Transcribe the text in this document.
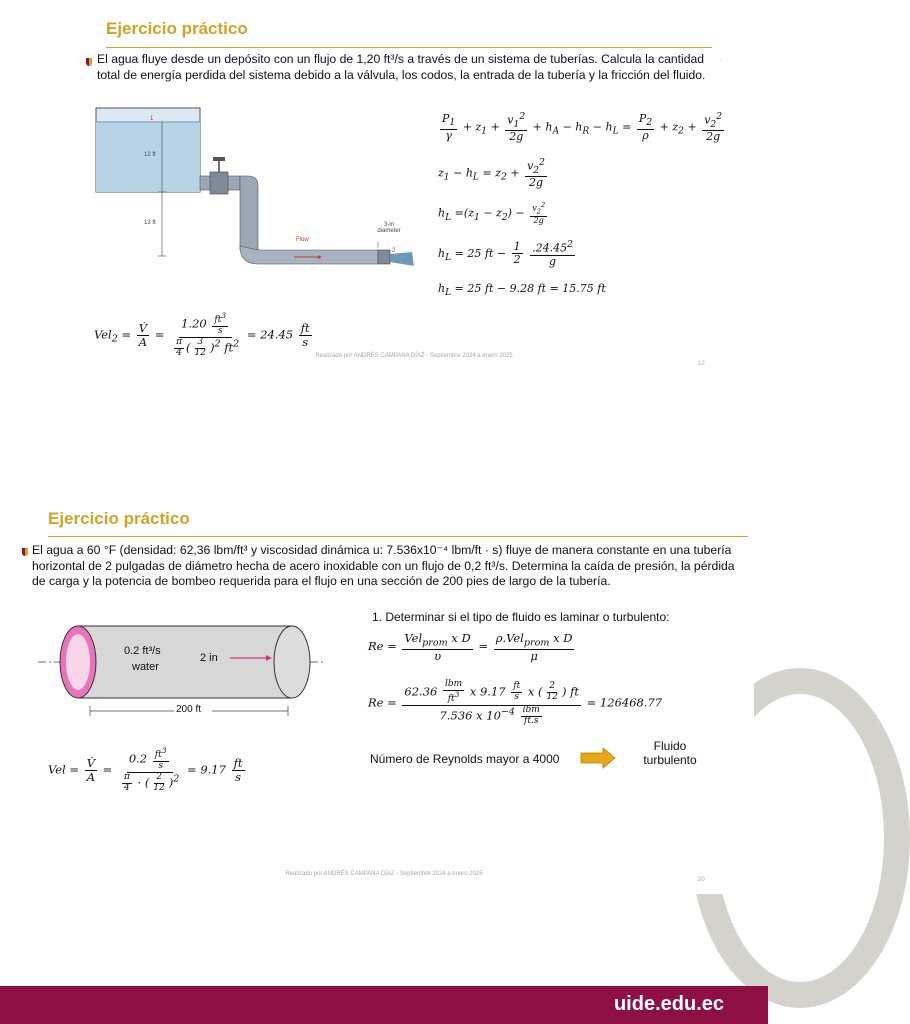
Ejercicio práctico
El agua fluye desde un depósito con un flujo de 1,20 ft³/s a través de un sistema de tuberías. Calcula la cantidad total de energía perdida del sistema debido a la válvula, los codos, la entrada de la tubería y la fricción del fluido.
12 ft
13 ft
Flow
3-in diameter
1
2
$\frac{P_1}{\gamma} + z_1 + \frac{v_1^2}{2g} + h_A - h_R - h_L = \frac{P_2}{\rho} + z_2 + \frac{v_2^2}{2g}$
$z_1 - h_L = z_2 + \frac{v_2^2}{2g}$
$h_L =(z_1 - z_2) - \frac{v_2^2}{2g}$
$h_L = 25$ ft − $\frac{1}{2}$
$\frac{.24.45^2}{g}$
$h_L = 25$ ft − 9.28 ft = 15.75 ft
$Vel_2 = \frac{V̇}{A} = \frac{1.20 \frac{ft^3}{s}}{\frac{\pi}{4} ( \frac{3}{12} )^2 ft^2} = 24.45 \frac{ft}{s}$
Realizado por ANDRÉS CAMPANA DÍAZ - Septiembre 2024 a enero 2025
12
Ejercicio práctico
El agua a 60 °F (densidad: 62,36 lbm/ft³ y viscosidad dinámica u: 7.536x10⁻⁴ lbm/ft · s) fluye de manera constante en una tubería horizontal de 2 pulgadas de diámetro hecha de acero inoxidable con un flujo de 0,2 ft³/s. Determina la caída de presión, la pérdida de carga y la potencia de bombeo requerida para el flujo en una sección de 200 pies de largo de la tubería.
0.2 ft³/s
water
2 in
200 ft
1. Determinar si el tipo de fluido es laminar o turbulento:
$Re = \frac{Vel_{prom} x D}{\upsilon} = \frac{\rho.Vel_{prom} x D}{\mu}$
$Re = \frac{62.36 \frac{\text{lbm}}{ft^3} x 9.17 \frac{ft}{s} x ( \frac{2}{12} ) ft}{7.536 x 10^{-4} \frac{\text{lbm}}{ft.s}} = 126468.77$
Número de Reynolds mayor a 4000
Fluido turbulento
Vel = $\frac{V̇}{A} = \frac{0.2 \frac{ft^3}{s}}{\frac{\pi}{4} \cdot ( \frac{2}{12} )^2} = 9.17 \frac{ft}{s}$
Realizado por ANDRÉS CAMPANA DÍAZ - Septiembre 2024 a enero 2025
20
uide.edu.ec
